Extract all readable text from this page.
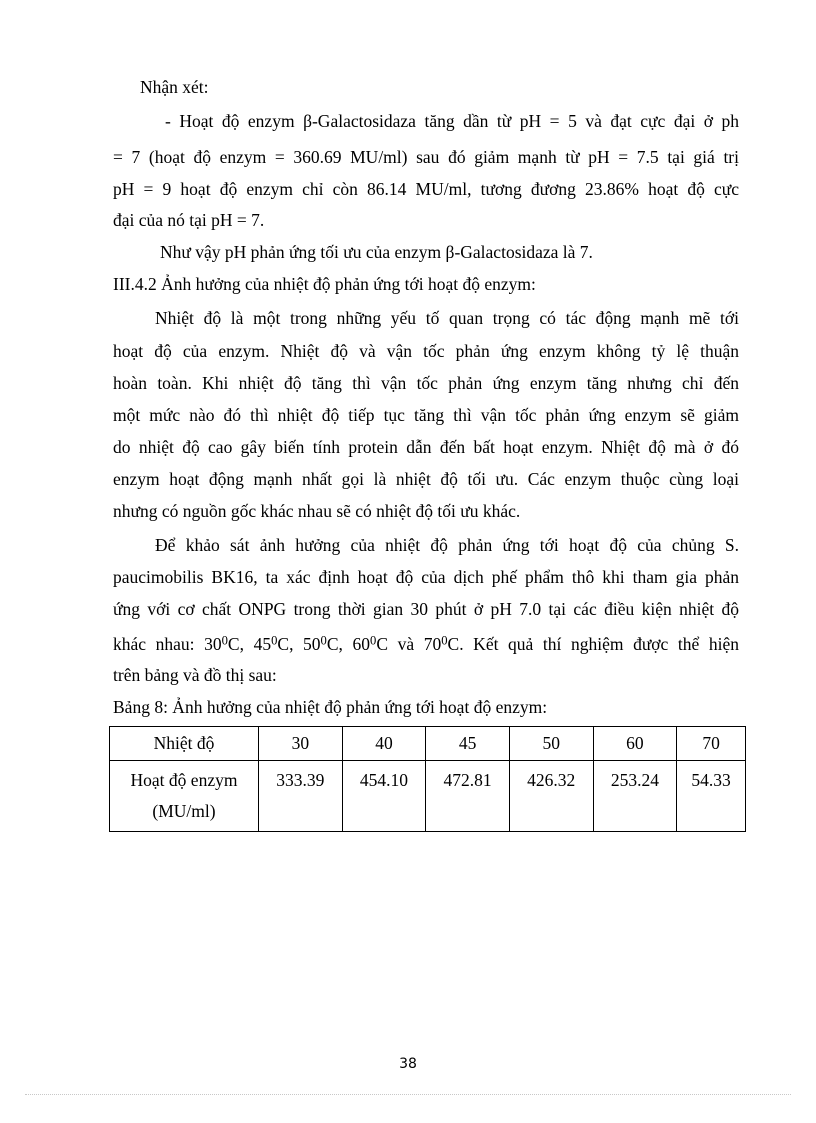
Nhận xét:
- Hoạt độ enzym β-Galactosidaza tăng dần từ pH = 5 và đạt cực đại ở ph
= 7 (hoạt độ enzym = 360.69 MU/ml) sau đó giảm mạnh từ pH = 7.5 tại giá trị
pH = 9 hoạt độ enzym chỉ còn 86.14 MU/ml, tương đương 23.86% hoạt độ cực
đại của nó tại pH = 7.
Như vậy pH phản ứng tối ưu của enzym β-Galactosidaza là 7.
III.4.2 Ảnh hưởng của nhiệt độ phản ứng tới hoạt độ enzym:
Nhiệt độ là một trong những yếu tố quan trọng có tác động mạnh mẽ tới
hoạt độ của enzym. Nhiệt độ và vận tốc phản ứng enzym không tỷ lệ thuận
hoàn toàn. Khi nhiệt độ tăng thì vận tốc phản ứng enzym tăng nhưng chỉ đến
một mức nào đó thì nhiệt độ tiếp tục tăng thì vận tốc phản ứng enzym sẽ giảm
do nhiệt độ cao gây biến tính protein dẫn đến bất hoạt enzym. Nhiệt độ mà ở đó
enzym hoạt động mạnh nhất gọi là nhiệt độ tối ưu. Các enzym thuộc cùng loại
nhưng có nguồn gốc khác nhau sẽ có nhiệt độ tối ưu khác.
Để khảo sát ảnh hưởng của nhiệt độ phản ứng tới hoạt độ của chủng S.
paucimobilis BK16, ta xác định hoạt độ của dịch phế phẩm thô khi tham gia phản
ứng với cơ chất ONPG trong thời gian 30 phút ở pH 7.0 tại các điều kiện nhiệt độ
khác nhau: $30^0C$, $45^0C$, $50^0C$, $60^0C$ và $70^0C$. Kết quả thí nghiệm được thể hiện
trên bảng và đồ thị sau:
Bảng 8: Ảnh hưởng của nhiệt độ phản ứng tới hoạt độ enzym:
Nhiệt độ	30	40	45	50	60	70

Hoạt độ enzym
(MU/ml)	333.39	454.10	472.81	426.32	253.24	54.33
38
